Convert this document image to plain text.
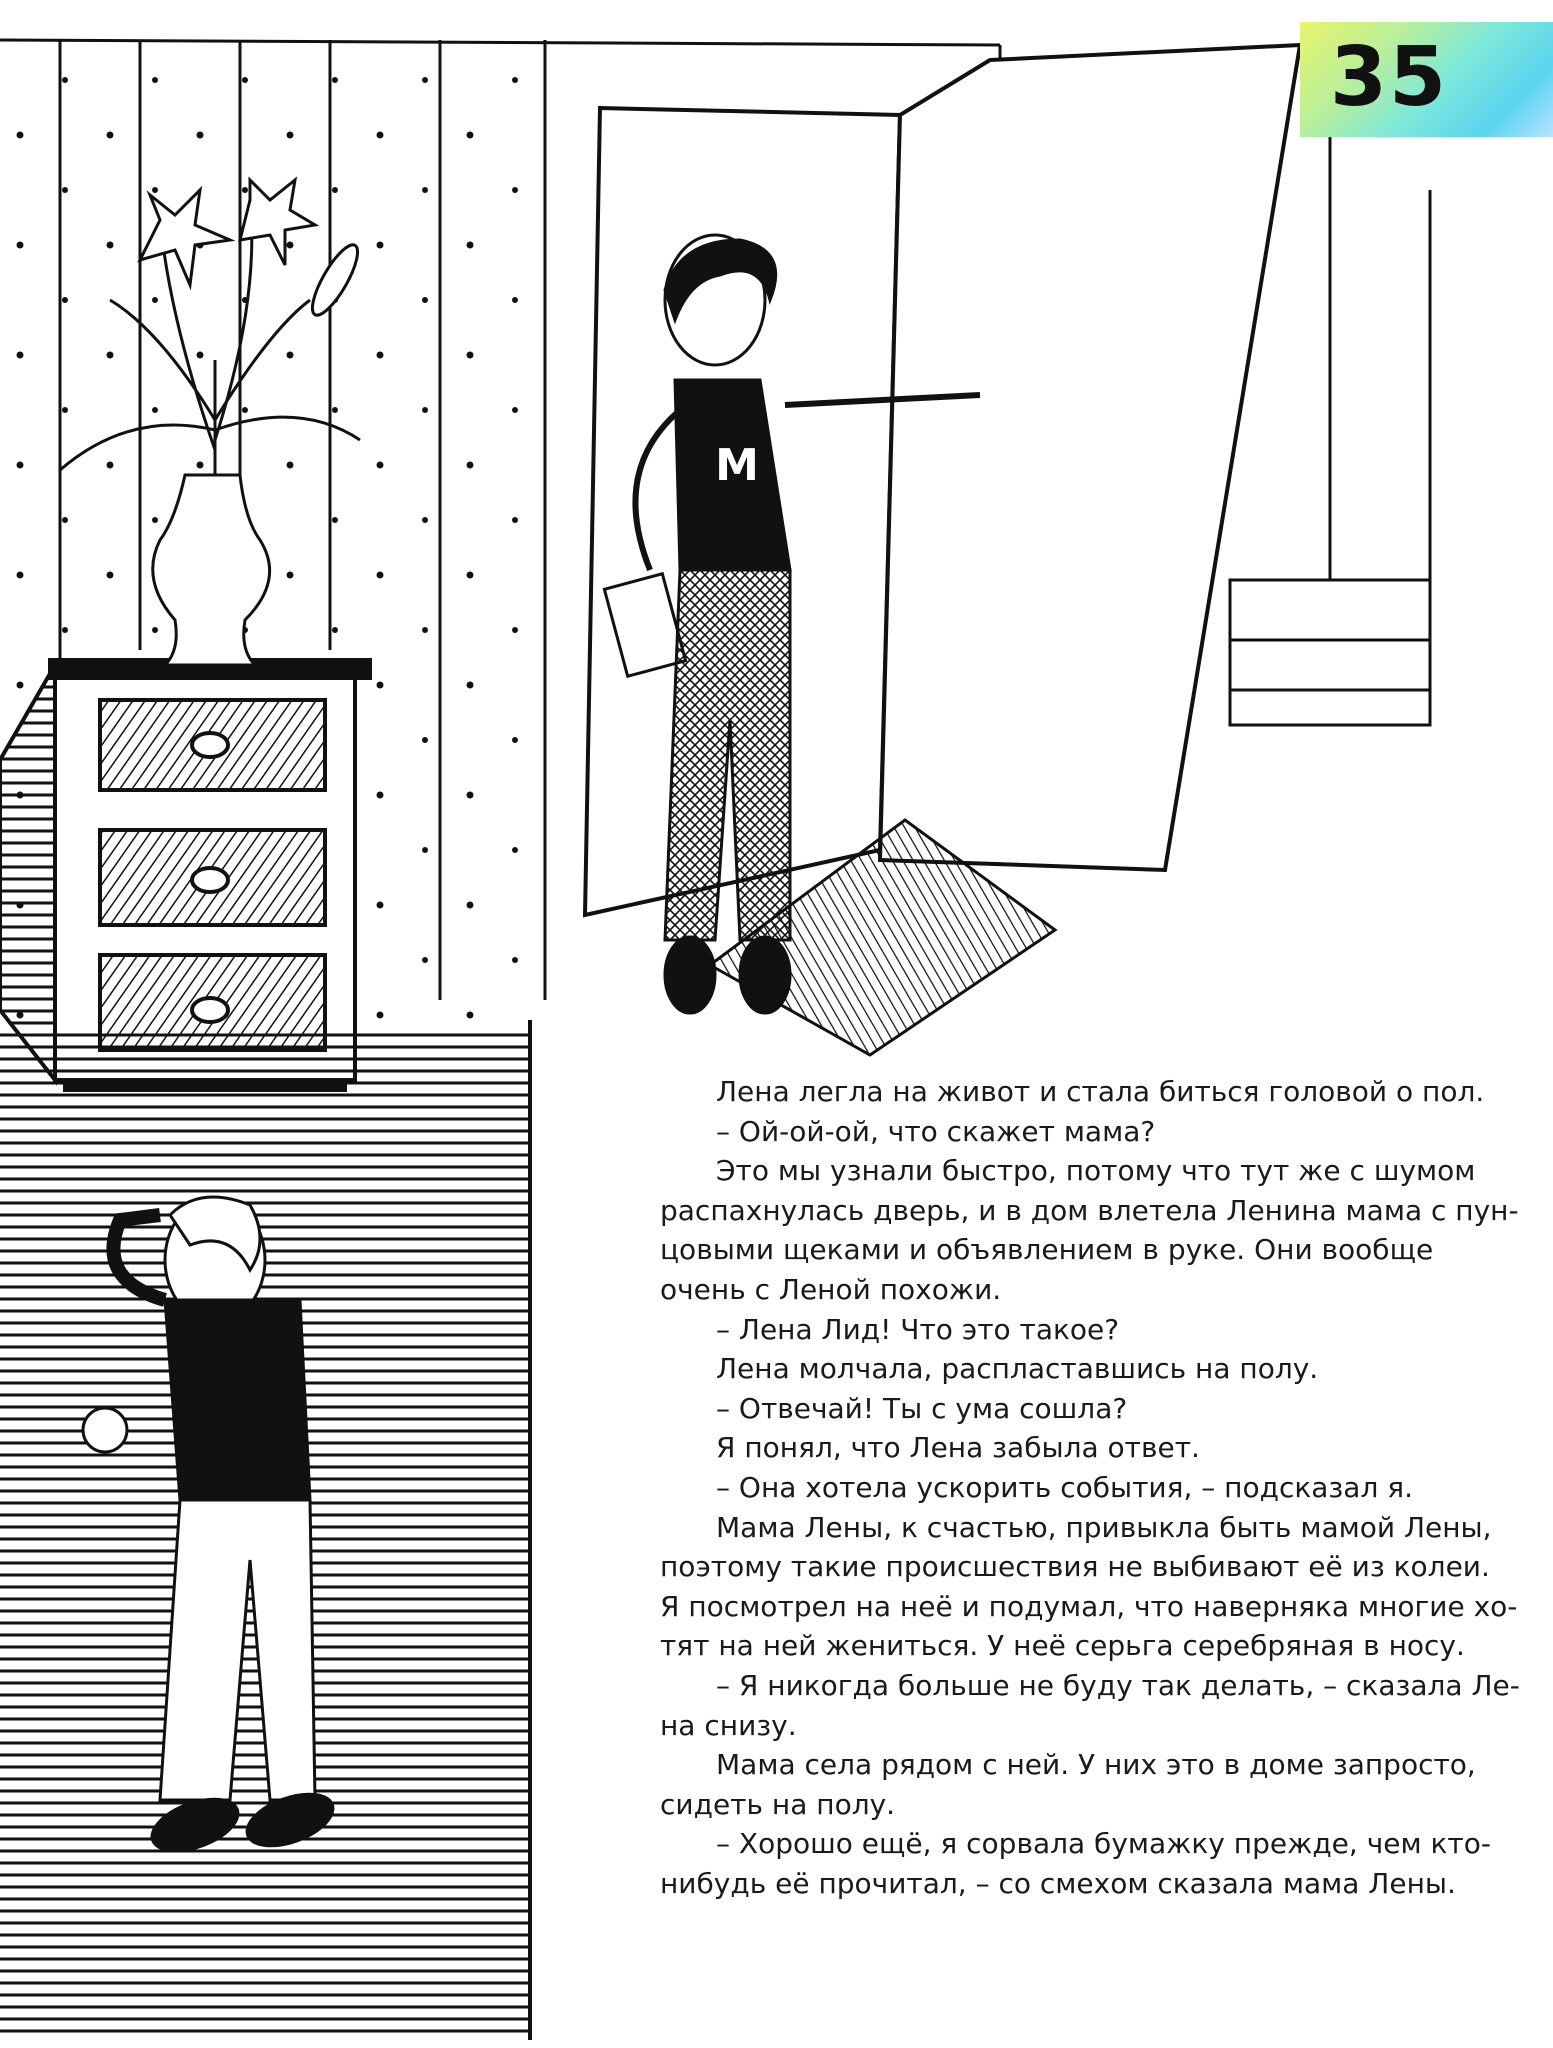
M
35
Лена легла на живот и стала биться головой о пол.
– Ой-ой-ой, что скажет мама?
Это мы узнали быстро, потому что тут же с шумом
распахнулась дверь, и в дом влетела Ленина мама с пун-
цовыми щеками и объявлением в руке. Они вообще
очень с Леной похожи.
– Лена Лид! Что это такое?
Лена молчала, распластавшись на полу.
– Отвечай! Ты с ума сошла?
Я понял, что Лена забыла ответ.
– Она хотела ускорить события, – подсказал я.
Мама Лены, к счастью, привыкла быть мамой Лены,
поэтому такие происшествия не выбивают её из колеи.
Я посмотрел на неё и подумал, что наверняка многие хо-
тят на ней жениться. У неё серьга серебряная в носу.
– Я никогда больше не буду так делать, – сказала Ле-
на снизу.
Мама села рядом с ней. У них это в доме запросто,
сидеть на полу.
– Хорошо ещё, я сорвала бумажку прежде, чем кто-
нибудь её прочитал, – со смехом сказала мама Лены.
